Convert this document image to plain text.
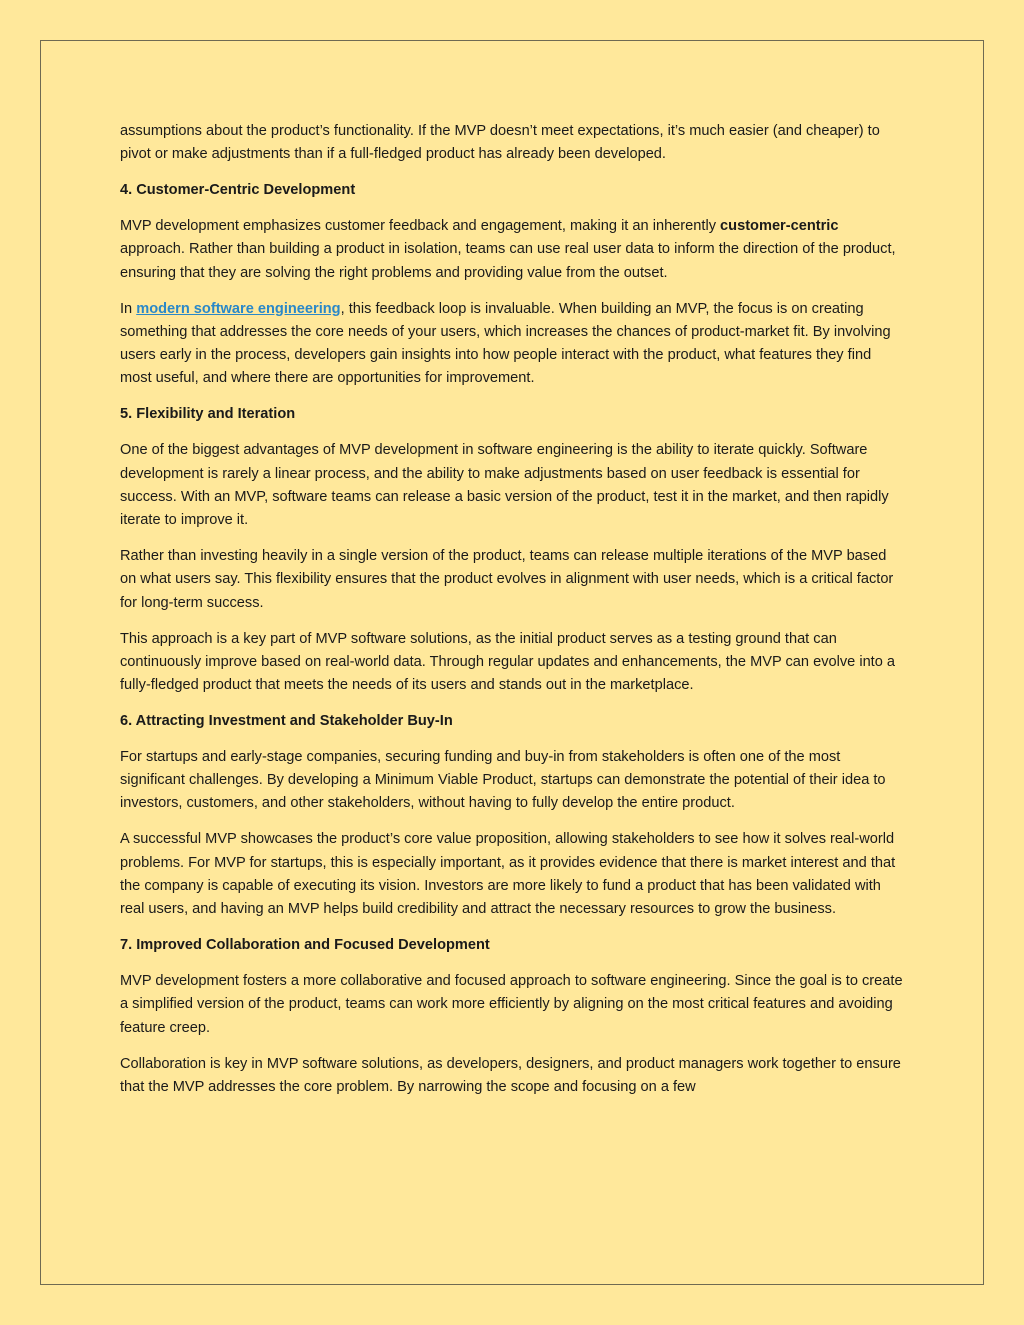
assumptions about the product’s functionality. If the MVP doesn’t meet expectations, it’s much easier (and cheaper) to pivot or make adjustments than if a full-fledged product has already been developed.

4. Customer-Centric Development

MVP development emphasizes customer feedback and engagement, making it an inherently customer-centric approach. Rather than building a product in isolation, teams can use real user data to inform the direction of the product, ensuring that they are solving the right problems and providing value from the outset.

In modern software engineering, this feedback loop is invaluable. When building an MVP, the focus is on creating something that addresses the core needs of your users, which increases the chances of product-market fit. By involving users early in the process, developers gain insights into how people interact with the product, what features they find most useful, and where there are opportunities for improvement.

5. Flexibility and Iteration

One of the biggest advantages of MVP development in software engineering is the ability to iterate quickly. Software development is rarely a linear process, and the ability to make adjustments based on user feedback is essential for success. With an MVP, software teams can release a basic version of the product, test it in the market, and then rapidly iterate to improve it.

Rather than investing heavily in a single version of the product, teams can release multiple iterations of the MVP based on what users say. This flexibility ensures that the product evolves in alignment with user needs, which is a critical factor for long-term success.

This approach is a key part of MVP software solutions, as the initial product serves as a testing ground that can continuously improve based on real-world data. Through regular updates and enhancements, the MVP can evolve into a fully-fledged product that meets the needs of its users and stands out in the marketplace.

6. Attracting Investment and Stakeholder Buy-In

For startups and early-stage companies, securing funding and buy-in from stakeholders is often one of the most significant challenges. By developing a Minimum Viable Product, startups can demonstrate the potential of their idea to investors, customers, and other stakeholders, without having to fully develop the entire product.

A successful MVP showcases the product’s core value proposition, allowing stakeholders to see how it solves real-world problems. For MVP for startups, this is especially important, as it provides evidence that there is market interest and that the company is capable of executing its vision. Investors are more likely to fund a product that has been validated with real users, and having an MVP helps build credibility and attract the necessary resources to grow the business.

7. Improved Collaboration and Focused Development

MVP development fosters a more collaborative and focused approach to software engineering. Since the goal is to create a simplified version of the product, teams can work more efficiently by aligning on the most critical features and avoiding feature creep.

Collaboration is key in MVP software solutions, as developers, designers, and product managers work together to ensure that the MVP addresses the core problem. By narrowing the scope and focusing on a few
